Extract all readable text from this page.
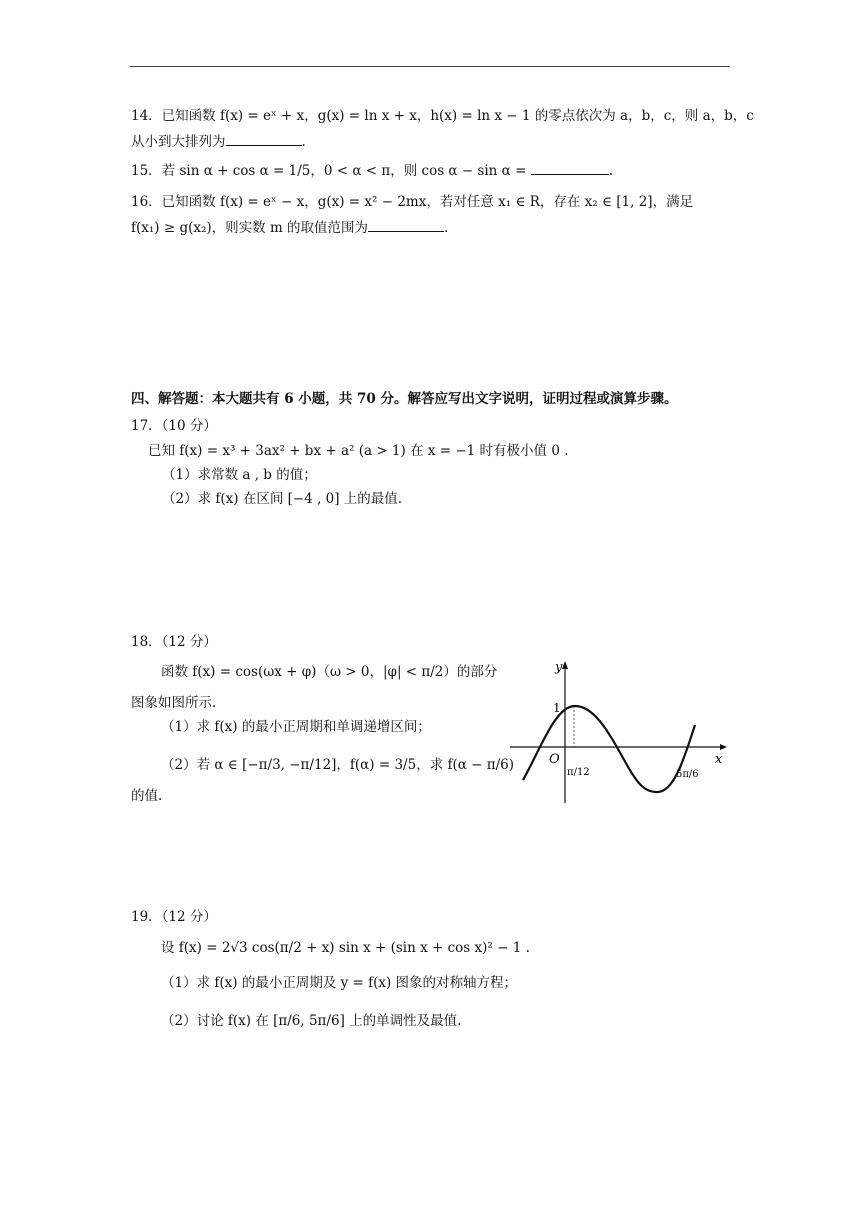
14．已知函数 f(x) = eˣ + x，g(x) = ln x + x，h(x) = ln x − 1 的零点依次为 a，b，c，则 a，b，c
从小到大排列为	.
15．若 sin α + cos α = 1/5，0 < α < π，则 cos α − sin α =	.
16．已知函数 f(x) = eˣ − x，g(x) = x² − 2mx，若对任意 x₁ ∈ R，存在 x₂ ∈ [1, 2]，满足
f(x₁) ≥ g(x₂)，则实数 m 的取值范围为	.
四、解答题：本大题共有 6 小题，共 70 分。解答应写出文字说明，证明过程或演算步骤。
17．（10 分）
已知 f(x) = x³ + 3ax² + bx + a² (a > 1) 在 x = −1 时有极小值 0 .
（1）求常数 a , b 的值；
（2）求 f(x) 在区间 [−4 , 0] 上的最值.
18．（12 分）
函数 f(x) = cos(ωx + φ)（ω > 0，|φ| < π/2）的部分
图象如图所示.
（1）求 f(x) 的最小正周期和单调递增区间；
（2）若 α ∈ [−π/3, −π/12]，f(α) = 3/5，求 f(α − π/6)
的值.
y
x
O
1
π/12	5π/6
19．（12 分）
设 f(x) = 2√3 cos(π/2 + x) sin x + (sin x + cos x)² − 1 .
（1）求 f(x) 的最小正周期及 y = f(x) 图象的对称轴方程；
（2）讨论 f(x) 在 [π/6, 5π/6] 上的单调性及最值.
